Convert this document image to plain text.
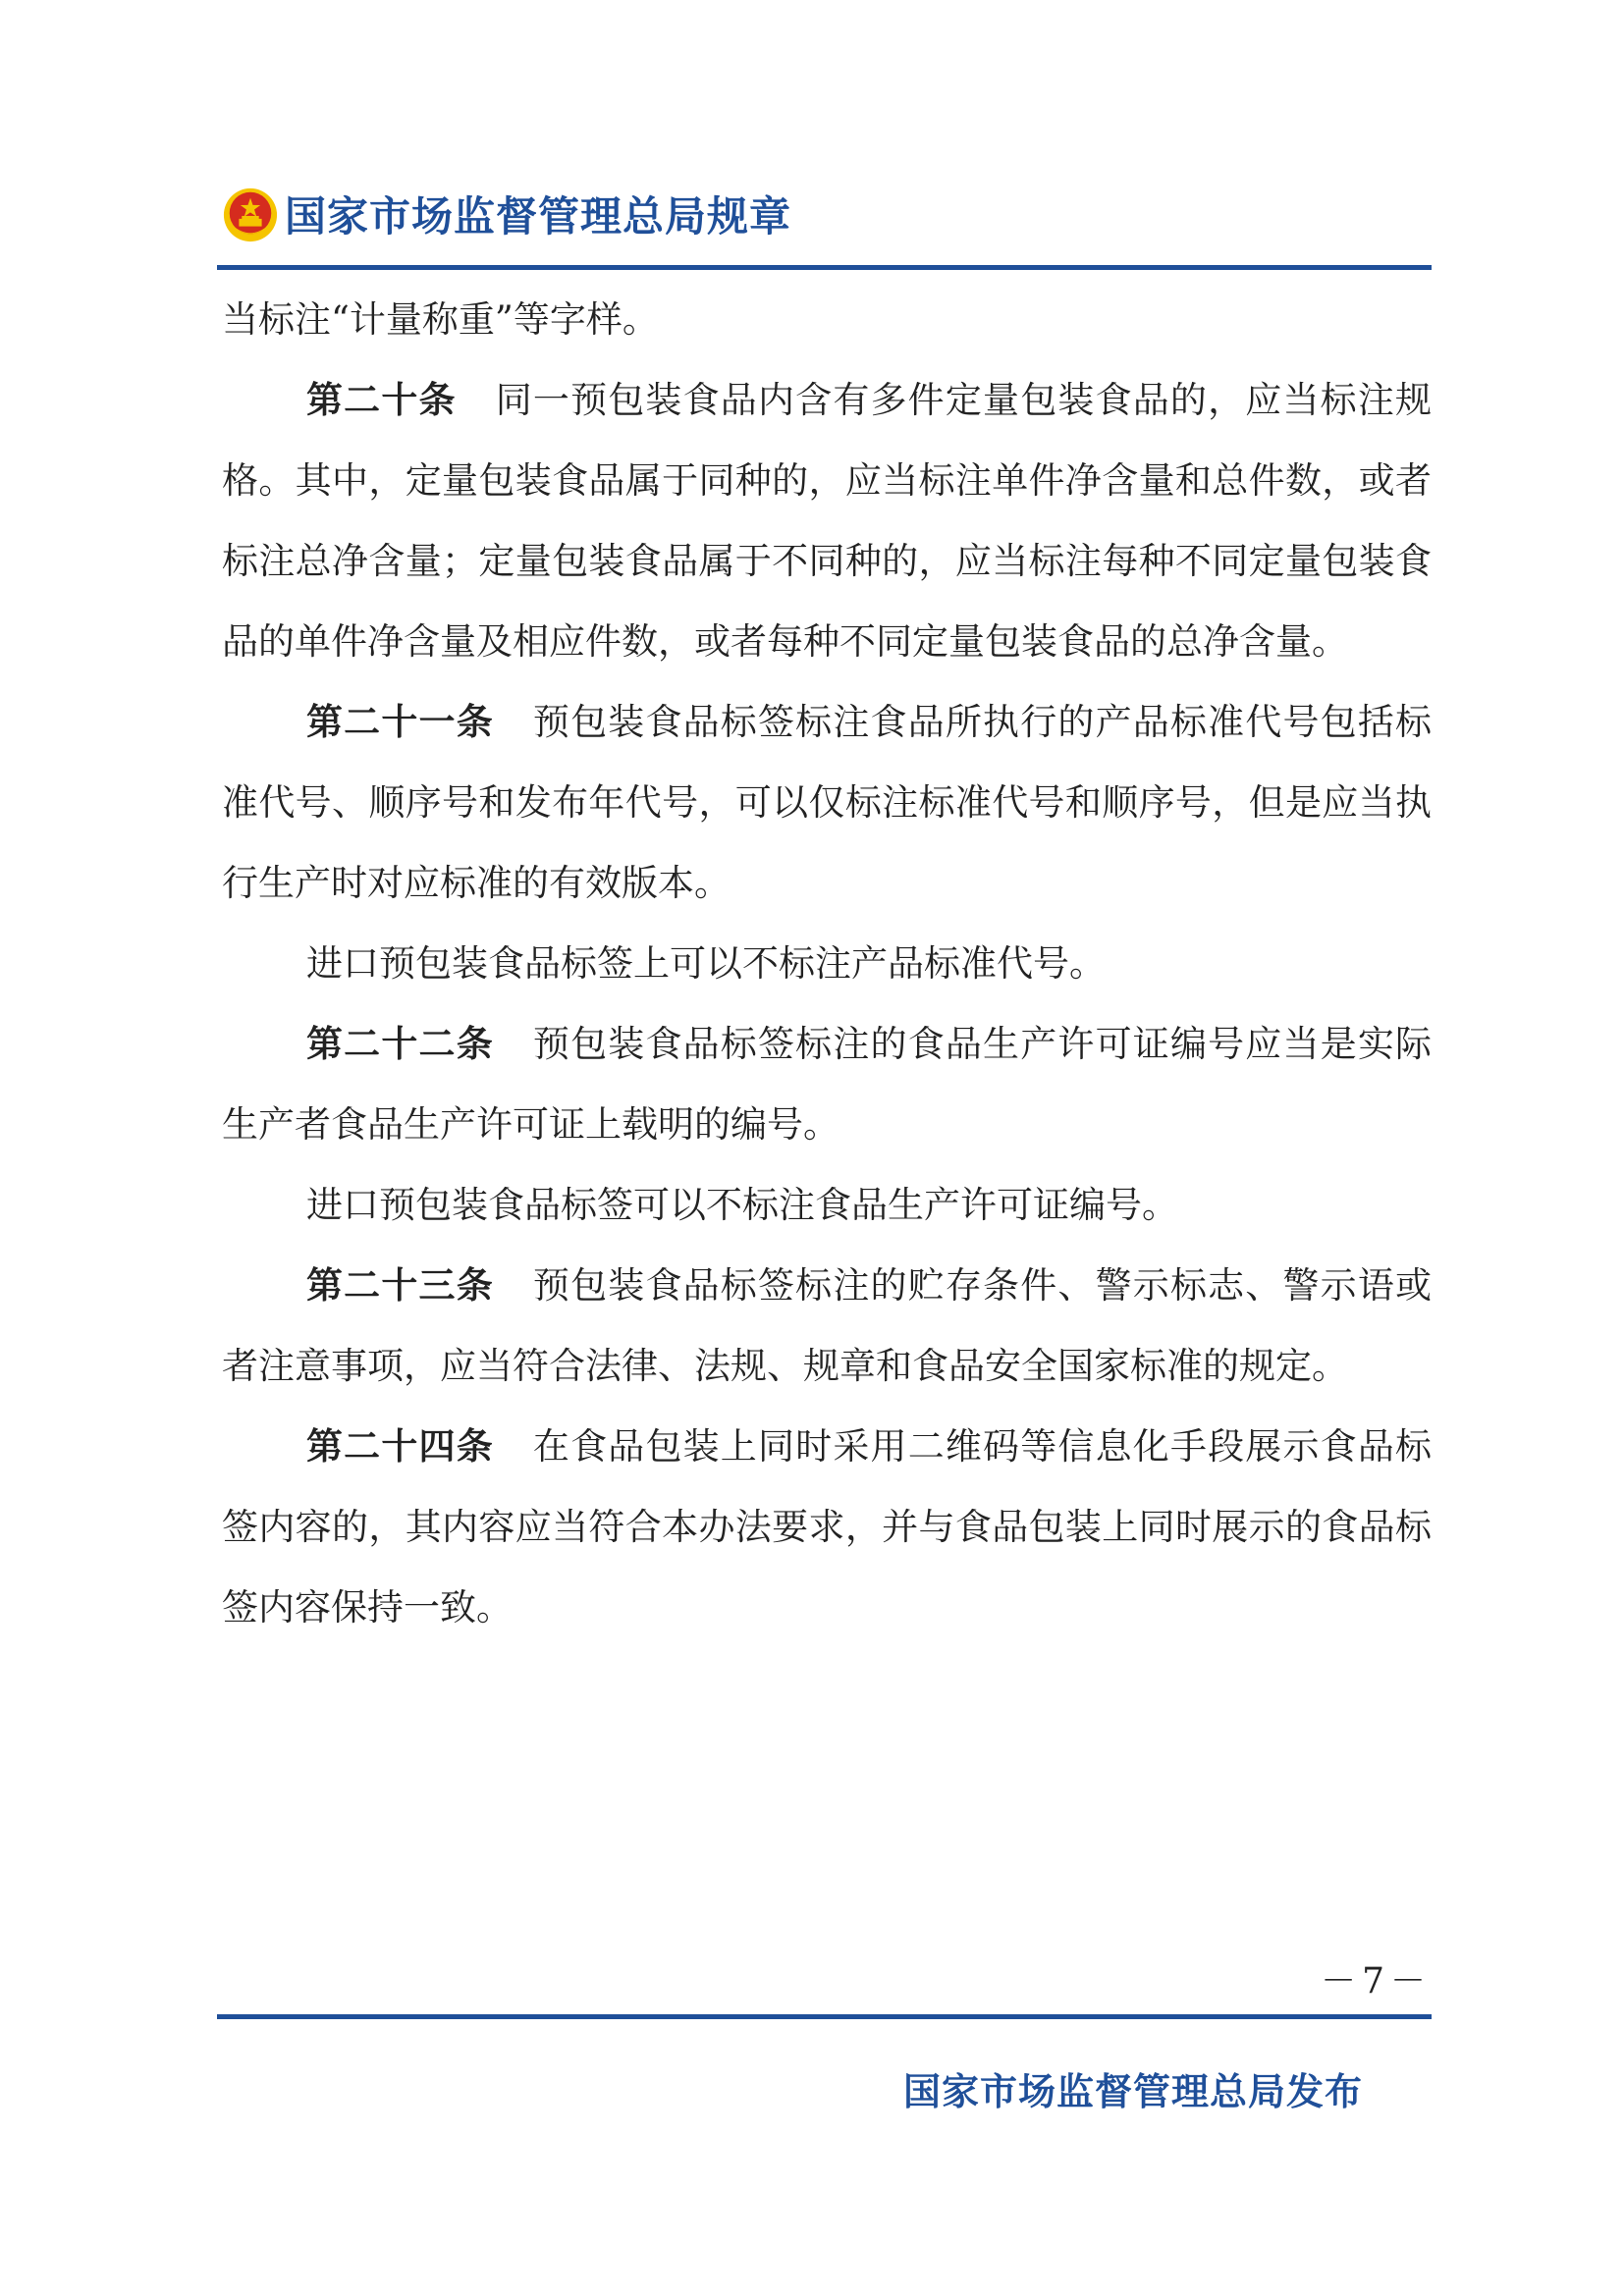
国家市场监督管理总局规章

当标注“计量称重”等字样。

第二十条 同一预包装食品内含有多件定量包装食品的，应当标注规格。其中，定量包装食品属于同种的，应当标注单件净含量和总件数，或者标注总净含量；定量包装食品属于不同种的，应当标注每种不同定量包装食品的单件净含量及相应件数，或者每种不同定量包装食品的总净含量。

第二十一条 预包装食品标签标注食品所执行的产品标准代号包括标准代号、顺序号和发布年代号，可以仅标注标准代号和顺序号，但是应当执行生产时对应标准的有效版本。

进口预包装食品标签上可以不标注产品标准代号。

第二十二条 预包装食品标签标注的食品生产许可证编号应当是实际生产者食品生产许可证上载明的编号。

进口预包装食品标签可以不标注食品生产许可证编号。

第二十三条 预包装食品标签标注的贮存条件、警示标志、警示语或者注意事项，应当符合法律、法规、规章和食品安全国家标准的规定。

第二十四条 在食品包装上同时采用二维码等信息化手段展示食品标签内容的，其内容应当符合本办法要求，并与食品包装上同时展示的食品标签内容保持一致。

－7－
国家市场监督管理总局发布
